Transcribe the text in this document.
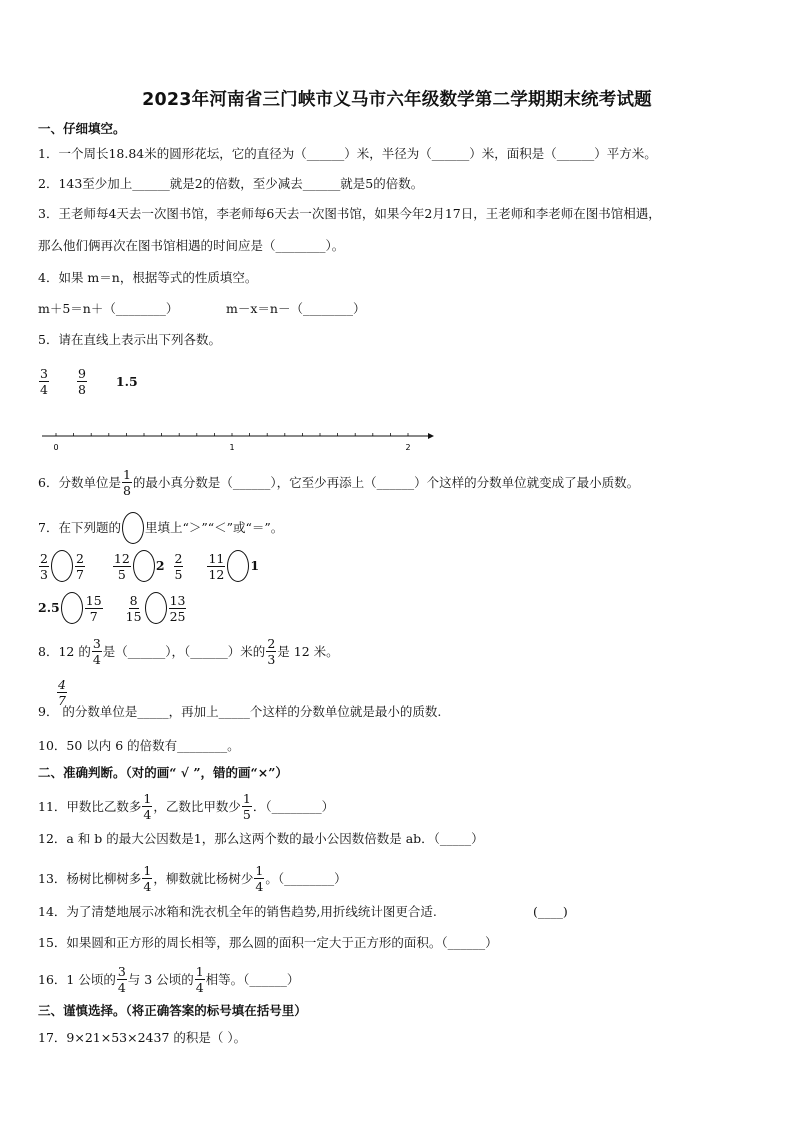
2023年河南省三门峡市义马市六年级数学第二学期期末统考试题
一、仔细填空。
1．一个周长18.84米的圆形花坛，它的直径为（______）米，半径为（______）米，面积是（______）平方米。
2．143至少加上______就是2的倍数，至少减去______就是5的倍数。
3．王老师每4天去一次图书馆，李老师每6天去一次图书馆，如果今年2月17日，王老师和李老师在图书馆相遇，
那么他们俩再次在图书馆相遇的时间应是（________）。
4．如果 m＝n，根据等式的性质填空。
m＋5＝n＋（________）	m－x＝n－（________）
5．请在直线上表示出下列各数。
$\frac{3}{4} \frac{9}{8} 1.5$
0	1	2
6．分数单位是 $\frac{1}{8}$ 的最小真分数是（______），它至少再添上（______）个这样的分数单位就变成了最小质数。
7．在下列题的 里填上“＞”“＜”或“＝”。
$\frac{2}{3} \frac{2}{7} \frac{12}{5} 2 \frac{2}{5} \frac{11}{12} 1$
$2.5 \frac{15}{7} \frac{8}{15} \frac{13}{25}$
8．12 的 $\frac{3}{4}$ 是（______），（______）米的 $\frac{2}{3}$ 是 12 米。
$\frac{4}{7}$
9． 的分数单位是_____，再加上_____个这样的分数单位就是最小的质数.
10．50 以内 6 的倍数有________。
二、准确判断。（对的画“ √ ”，错的画“×”）
11．甲数比乙数多 $\frac{1}{4}$ ，乙数比甲数少 $\frac{1}{5}$ ．（________）
12．a 和 b 的最大公因数是1，那么这两个数的最小公因数倍数是 ab．（_____）
13．杨树比柳树多 $\frac{1}{4}$ ，柳数就比杨树少 $\frac{1}{4}$ 。（________）
14．为了清楚地展示冰箱和洗衣机全年的销售趋势,用折线统计图更合适.	(____)
15．如果圆和正方形的周长相等，那么圆的面积一定大于正方形的面积。（______）
16．1 公顷的 $\frac{3}{4}$ 与 3 公顷的 $\frac{1}{4}$ 相等。（______）
三、谨慎选择。（将正确答案的标号填在括号里）
17．9×21×53×2437 的积是（ ）。
